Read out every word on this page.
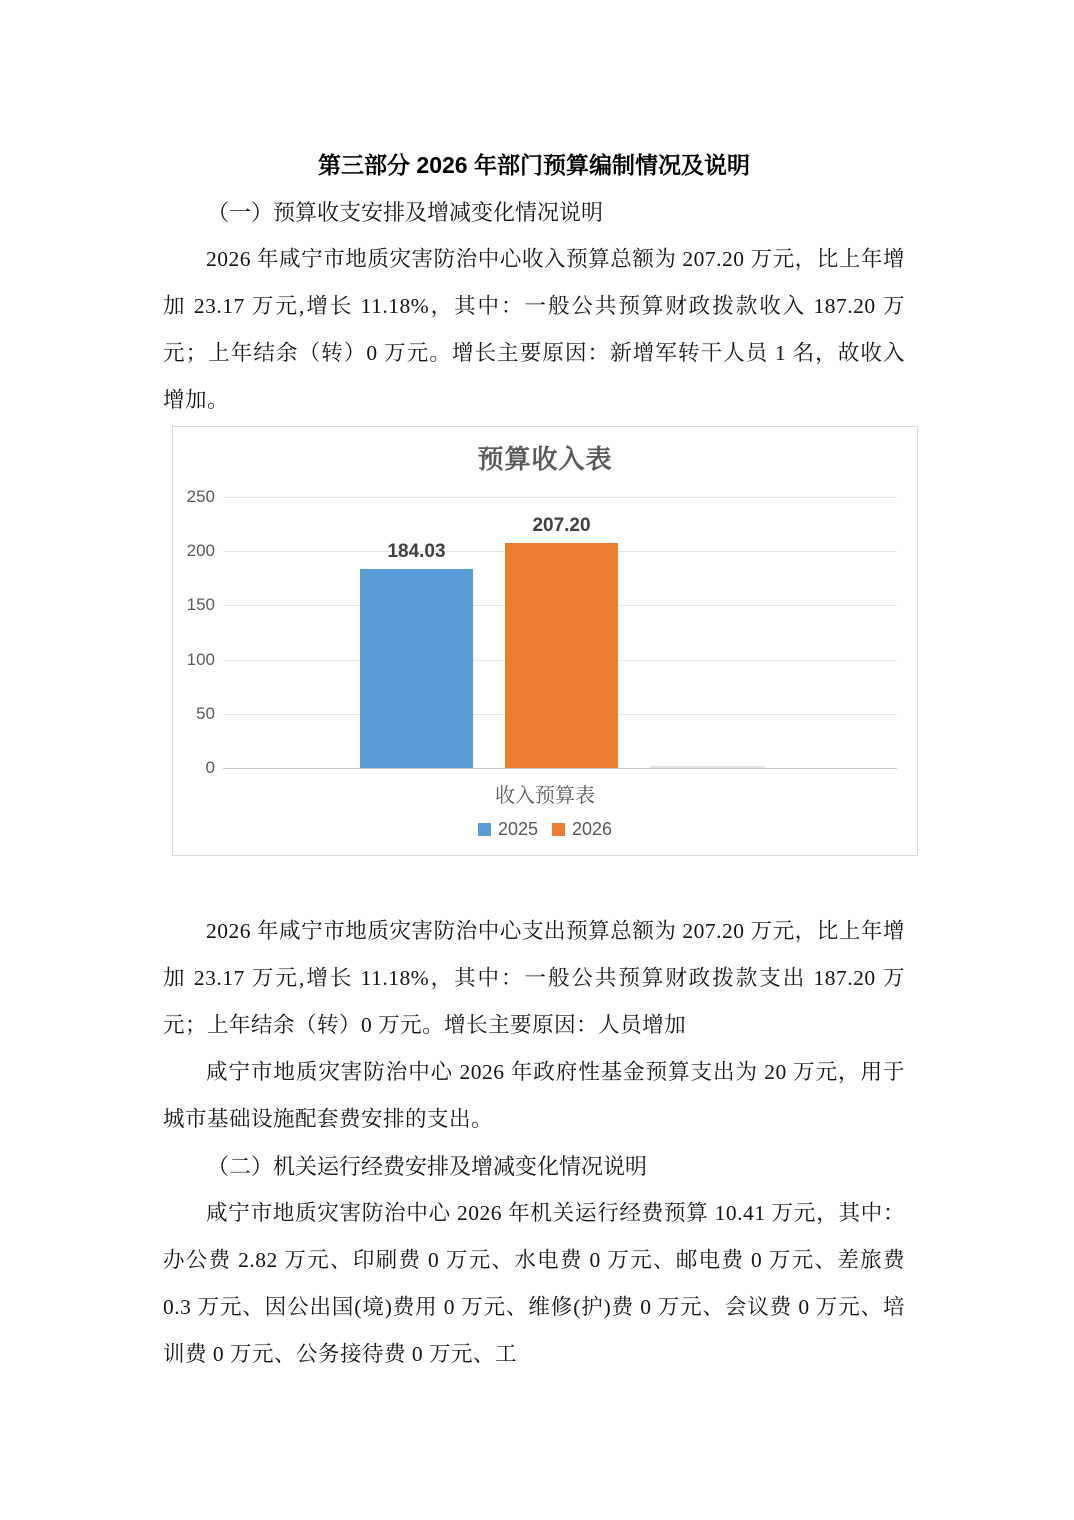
第三部分 2026 年部门预算编制情况及说明
（一）预算收支安排及增减变化情况说明

2026 年咸宁市地质灾害防治中心收入预算总额为 207.20 万元，比上年增加 23.17 万元,增长 11.18%，其中：一般公共预算财政拨款收入 187.20 万元；上年结余（转）0 万元。增长主要原因：新增军转干人员 1 名，故收入增加。

预算收入表
0
50
100
150
200
250
184.03
207.20
收入预算表
2025 2026

2026 年咸宁市地质灾害防治中心支出预算总额为 207.20 万元，比上年增加 23.17 万元,增长 11.18%，其中：一般公共预算财政拨款支出 187.20 万元；上年结余（转）0 万元。增长主要原因：人员增加

咸宁市地质灾害防治中心 2026 年政府性基金预算支出为 20 万元，用于城市基础设施配套费安排的支出。

（二）机关运行经费安排及增减变化情况说明

咸宁市地质灾害防治中心 2026 年机关运行经费预算 10.41 万元，其中：办公费 2.82 万元、印刷费 0 万元、水电费 0 万元、邮电费 0 万元、差旅费 0.3 万元、因公出国(境)费用 0 万元、维修(护)费 0 万元、会议费 0 万元、培训费 0 万元、公务接待费 0 万元、工
